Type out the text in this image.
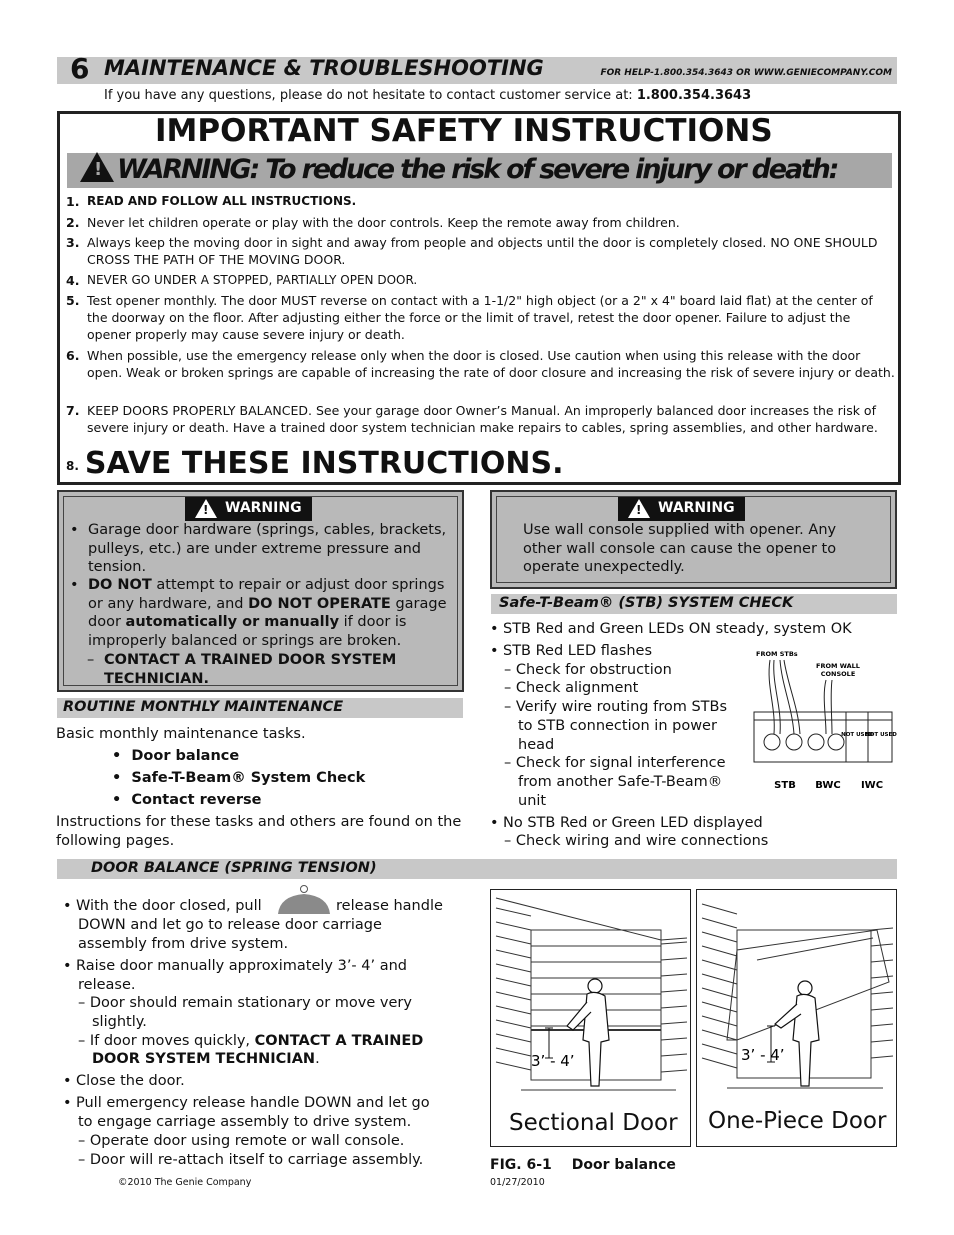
6 MAINTENANCE & TROUBLESHOOTING	FOR HELP-1.800.354.3643 OR WWW.GENIECOMPANY.COM
If you have any questions, please do not hesitate to contact customer service at: 1.800.354.3643
IMPORTANT SAFETY INSTRUCTIONS
! WARNING: To reduce the risk of severe injury or death:
1. READ AND FOLLOW ALL INSTRUCTIONS.
2. Never let children operate or play with the door controls. Keep the remote away from children.
3. Always keep the moving door in sight and away from people and objects until the door is completely closed. NO ONE SHOULD CROSS THE PATH OF THE MOVING DOOR.
4. NEVER GO UNDER A STOPPED, PARTIALLY OPEN DOOR.
5. Test opener monthly. The door MUST reverse on contact with a 1-1/2" high object (or a 2" x 4" board laid flat) at the center of the doorway on the floor. After adjusting either the force or the limit of travel, retest the door opener. Failure to adjust the opener properly may cause severe injury or death.
6. When possible, use the emergency release only when the door is closed. Use caution when using this release with the door open. Weak or broken springs are capable of increasing the rate of door closure and increasing the risk of severe injury or death.
7. KEEP DOORS PROPERLY BALANCED. See your garage door Owner’s Manual. An improperly balanced door increases the risk of severe injury or death. Have a trained door system technician make repairs to cables, spring assemblies, and other hardware.
8. SAVE THESE INSTRUCTIONS.
! WARNING
• Garage door hardware (springs, cables, brackets, pulleys, etc.) are under extreme pressure and tension.
• DO NOT attempt to repair or adjust door springs or any hardware, and DO NOT OPERATE garage door automatically or manually if door is improperly balanced or springs are broken.
– CONTACT A TRAINED DOOR SYSTEM TECHNICIAN.
! WARNING
Use wall console supplied with opener. Any other wall console can cause the opener to operate unexpectedly.
ROUTINE MONTHLY MAINTENANCE
Basic monthly maintenance tasks.
•  Door balance
•  Safe-T-Beam® System Check
•  Contact reverse
Instructions for these tasks and others are found on the following pages.
Safe-T-Beam® (STB) SYSTEM CHECK
• STB Red and Green LEDs ON steady, system OK
• STB Red LED flashes
– Check for obstruction
– Check alignment
– Verify wire routing from STBs
to STB connection in power
head
– Check for signal interference
from another Safe-T-Beam®
unit
• No STB Red or Green LED displayed
– Check wiring and wire connections
FROM STBs
FROM WALL
CONSOLE
NOT USED
NOT USED
STB BWC IWC
DOOR BALANCE (SPRING TENSION)
• With the door closed, pull	release handle
DOWN and let go to release door carriage
assembly from drive system.
• Raise door manually approximately 3’- 4’ and
release.
– Door should remain stationary or move very
slightly.
– If door moves quickly, CONTACT A TRAINED
DOOR SYSTEM TECHNICIAN.
• Close the door.
• Pull emergency release handle DOWN and let go
to engage carriage assembly to drive system.
– Operate door using remote or wall console.
– Door will re-attach itself to carriage assembly.
3’ - 4’
Sectional Door
3’ - 4’
One-Piece Door
FIG. 6-1 Door balance
©2010 The Genie Company	01/27/2010
